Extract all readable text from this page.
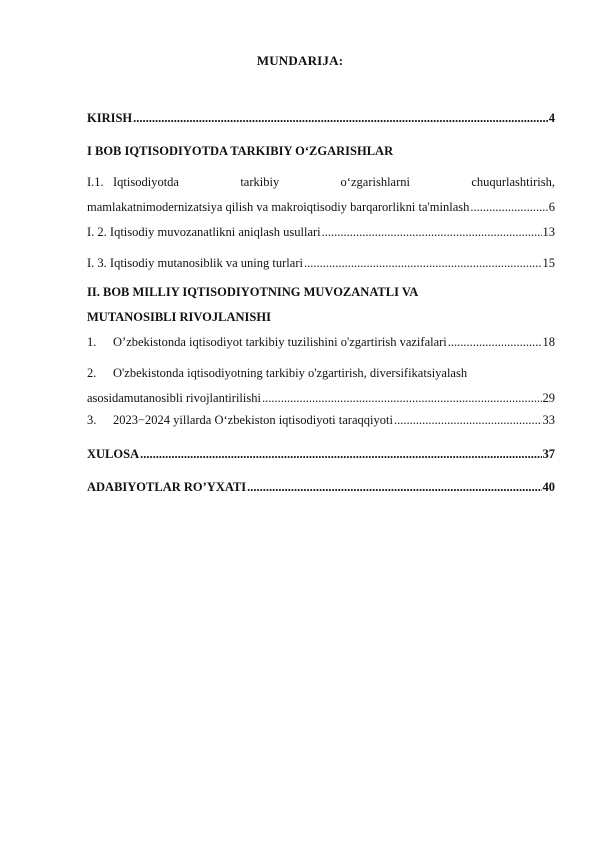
MUNDARIJA:
KIRISH .....	4
I BOB IQTISODIYOTDA TARKIBIY O‘ZGARISHLAR
I.1. Iqtisodiyotda tarkibiy o‘zgarishlarni chuqurlashtirish,
mamlakatnimodernizatsiya qilish va makroiqtisodiy barqarorlikni ta'minlash .....	6
I. 2. Iqtisodiy muvozanatlikni aniqlash usullari .....	13
I. 3. Iqtisodiy mutanosiblik va uning turlari .....	15
II. BOB MILLIY IQTISODIYOTNING MUVOZANATLI VA
MUTANOSIBLI RIVOJLANISHI
1. O’zbekistonda iqtisodiyot tarkibiy tuzilishini o'zgartirish vazifalari .....	18
2. O'zbekistonda iqtisodiyotning tarkibiy o'zgartirish, diversifikatsiyalash
asosidamutanosibli rivojlantirilishi .....	29
3. 2023−2024 yillarda O‘zbekiston iqtisodiyoti taraqqiyoti .....	33
XULOSA .....	37
ADABIYOTLAR RO’YXATI .....	40
